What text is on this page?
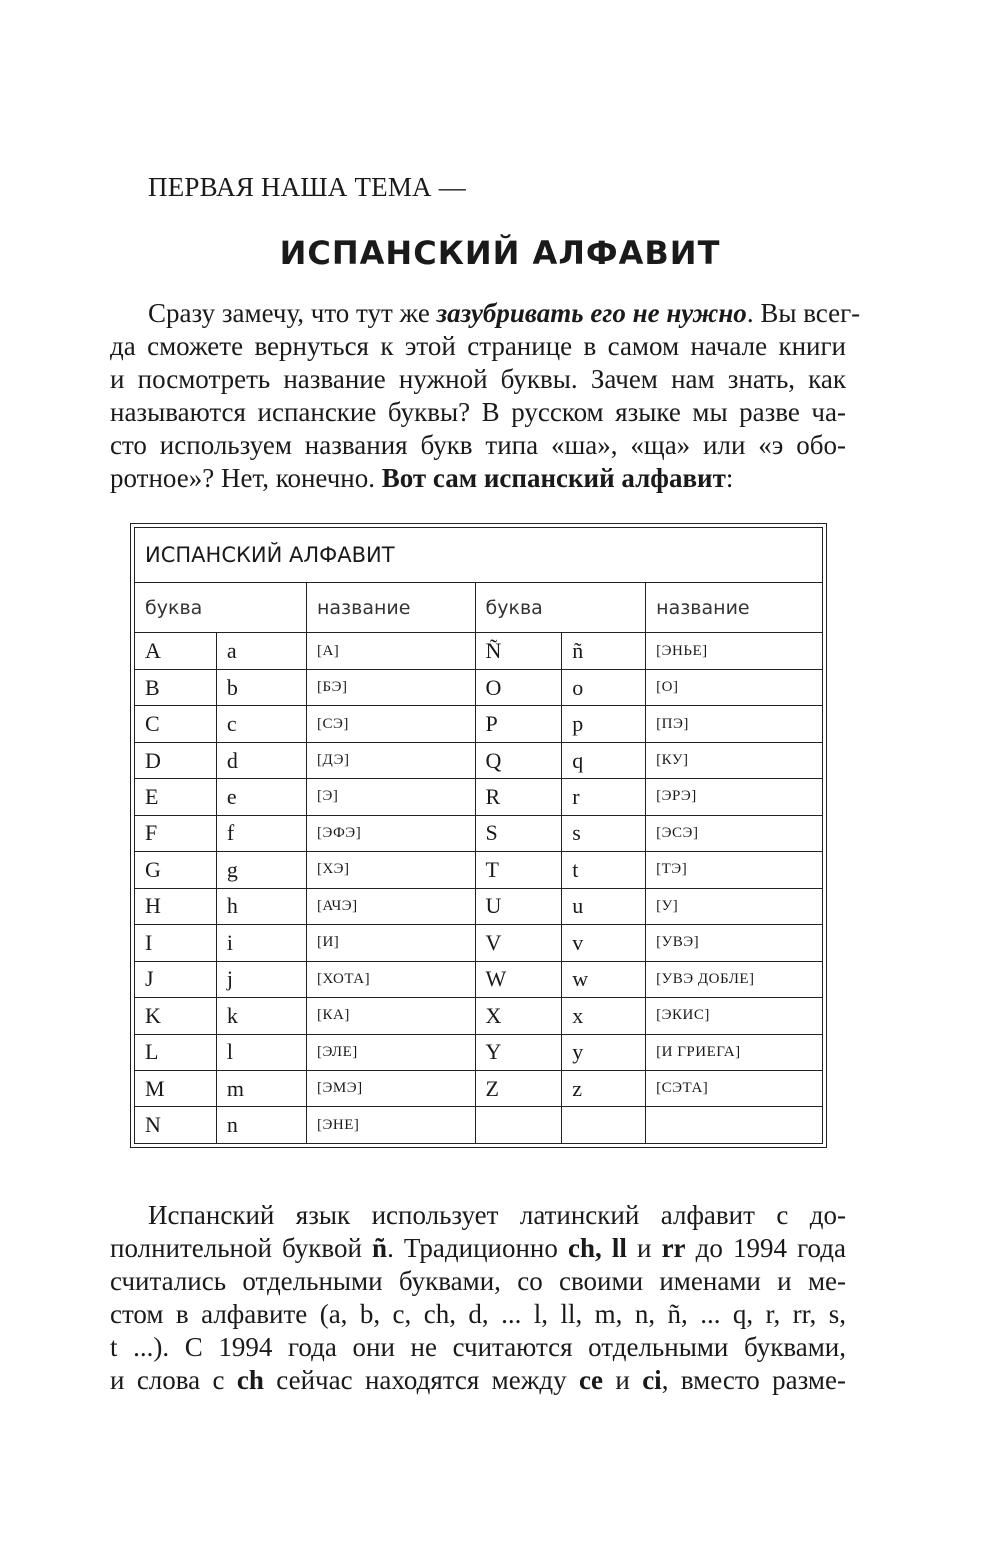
ПЕРВАЯ НАША ТЕМА —
ИСПАНСКИЙ АЛФАВИТ
Сразу замечу, что тут же зазубривать его не нужно. Вы всег-
да сможете вернуться к этой странице в самом начале книги
и посмотреть название нужной буквы. Зачем нам знать, как
называются испанские буквы? В русском языке мы разве ча-
сто используем названия букв типа «ша», «ща» или «э обо-
ротное»? Нет, конечно. Вот сам испанский алфавит:
ИСПАНСКИЙ АЛФАВИТ					
буква		название	буква		название
A	a	[А]	Ñ	ñ	[ЭНЬЕ]
B	b	[БЭ]	O	o	[О]
C	c	[СЭ]	P	p	[ПЭ]
D	d	[ДЭ]	Q	q	[КУ]
E	e	[Э]	R	r	[ЭРЭ]
F	f	[ЭФЭ]	S	s	[ЭСЭ]
G	g	[ХЭ]	T	t	[ТЭ]
H	h	[АЧЭ]	U	u	[У]
I	i	[И]	V	v	[УВЭ]
J	j	[ХОТА]	W	w	[УВЭ ДОБЛЕ]
K	k	[КА]	X	x	[ЭКИС]
L	l	[ЭЛЕ]	Y	y	[И ГРИЕГА]
M	m	[ЭМЭ]	Z	z	[СЭТА]
N	n	[ЭНЕ]			
Испанский язык использует латинский алфавит с до-
полнительной буквой ñ. Традиционно ch, ll и rr до 1994 года
считались отдельными буквами, со своими именами и ме-
стом в алфавите (a, b, c, ch, d, ... l, ll, m, n, ñ, ... q, r, rr, s,
t ...). С 1994 года они не считаются отдельными буквами,
и слова с ch сейчас находятся между ce и ci, вместо разме-
